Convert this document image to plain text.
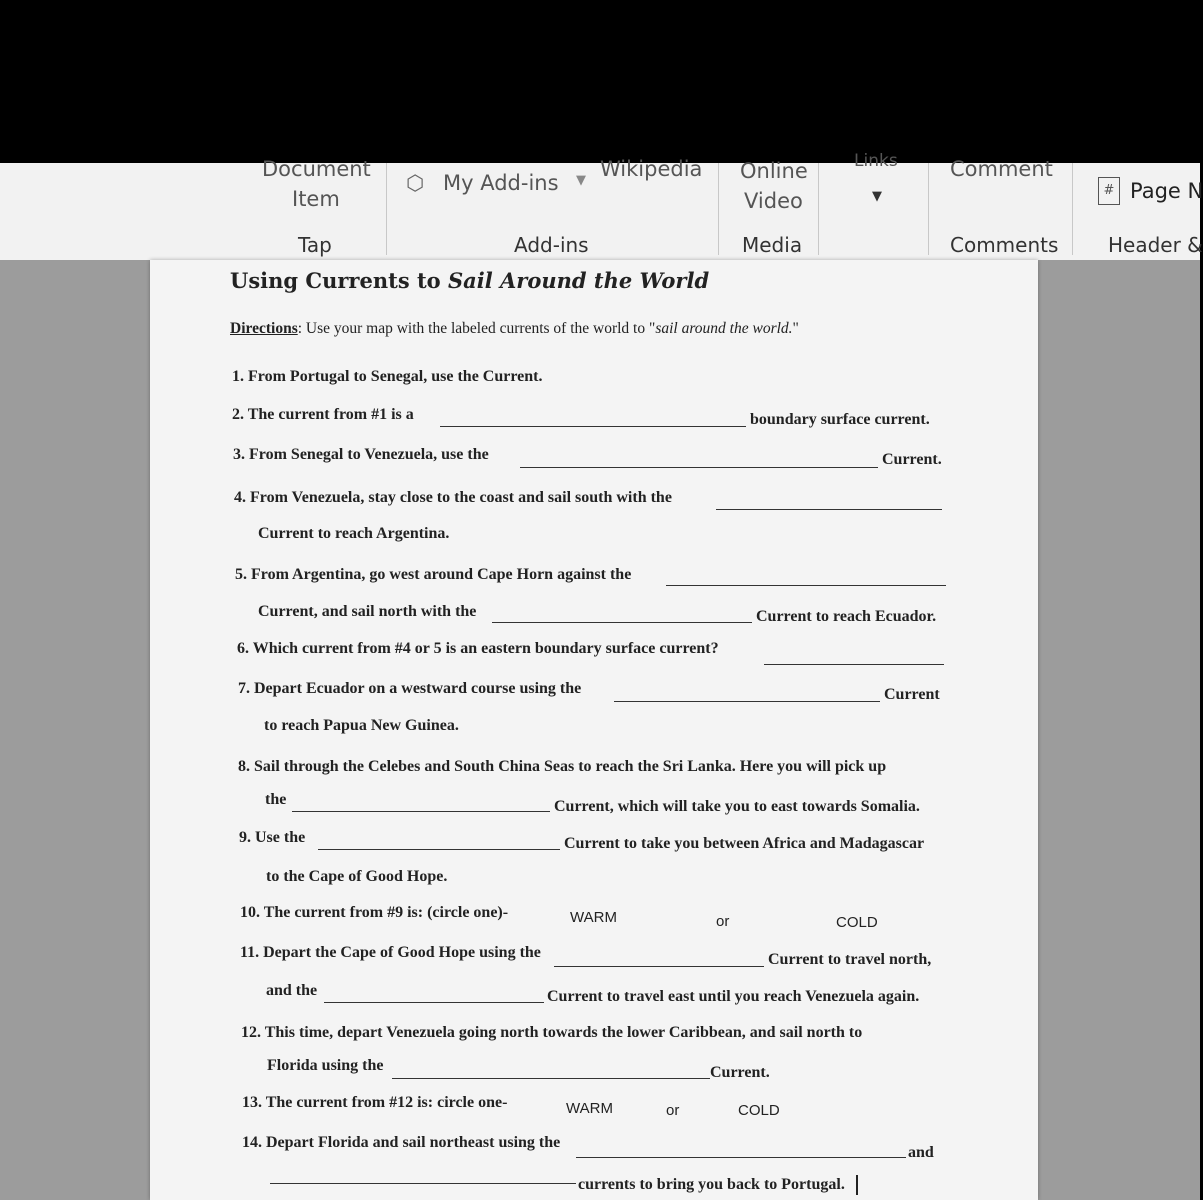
Document
Item
⬡ My Add-ins ▼ Wikipedia Online
Video
Links
▼
Comment
# Page N
Tap	Add-ins	Media	Comments Header &
Using Currents to Sail Around the World
Directions: Use your map with the labeled currents of the world to "sail around the world."
1. From Portugal to Senegal, use the Current.
2. The current from #1 is a	boundary surface current.
3. From Senegal to Venezuela, use the	Current.
4. From Venezuela, stay close to the coast and sail south with the
Current to reach Argentina.
5. From Argentina, go west around Cape Horn against the
Current, and sail north with the	Current to reach Ecuador.
6. Which current from #4 or 5 is an eastern boundary surface current?
7. Depart Ecuador on a westward course using the	Current
to reach Papua New Guinea.
8. Sail through the Celebes and South China Seas to reach the Sri Lanka. Here you will pick up
the	Current, which will take you to east towards Somalia.
9. Use the	Current to take you between Africa and Madagascar
to the Cape of Good Hope.
10. The current from #9 is: (circle one)-	WARM	or	COLD
11. Depart the Cape of Good Hope using the	Current to travel north,
and the	Current to travel east until you reach Venezuela again.
12. This time, depart Venezuela going north towards the lower Caribbean, and sail north to
Florida using the	Current.
13. The current from #12 is: circle one-	WARM	or	COLD
14. Depart Florida and sail northeast using the
and
currents to bring you back to Portugal.
